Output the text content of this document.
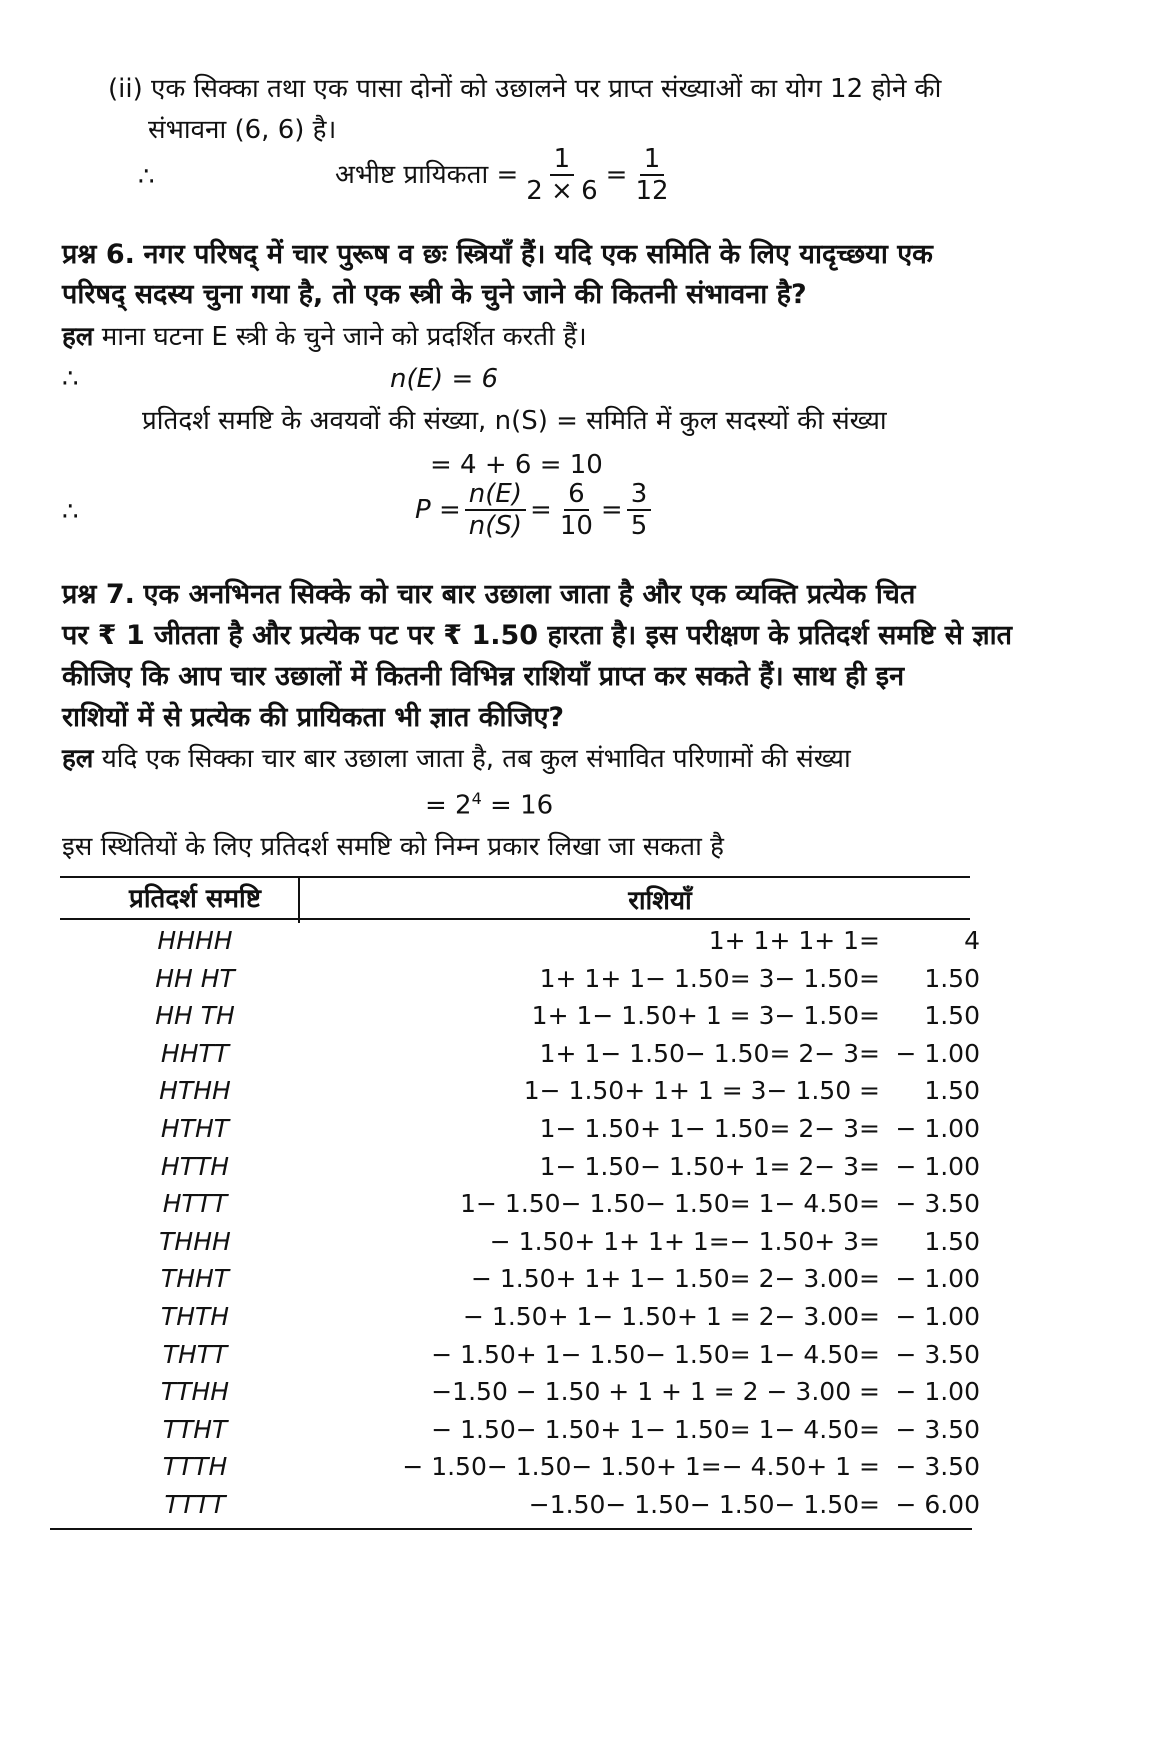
(ii) एक सिक्का तथा एक पासा दोनों को उछालने पर प्राप्त संख्याओं का योग 12 होने की
संभावना (6, 6) है।
∴	अभीष्ट प्रायिकता = $\frac{1}{2 \times 6} = \frac{1}{12}$
प्रश्न 6. नगर परिषद् में चार पुरूष व छः स्त्रियाँ हैं। यदि एक समिति के लिए यादृच्छया एक
परिषद् सदस्य चुना गया है, तो एक स्त्री के चुने जाने की कितनी संभावना है?
हल माना घटना E स्त्री के चुने जाने को प्रदर्शित करती हैं।
∴	n(E) = 6
प्रतिदर्श समष्टि के अवयवों की संख्या, n(S) = समिति में कुल सदस्यों की संख्या
= 4 + 6 = 10
∴	$P = \frac{n(E)}{n(S)} = \frac{6}{10} = \frac{3}{5}$
प्रश्न 7. एक अनभिनत सिक्के को चार बार उछाला जाता है और एक व्यक्ति प्रत्येक चित
पर ₹ 1 जीतता है और प्रत्येक पट पर ₹ 1.50 हारता है। इस परीक्षण के प्रतिदर्श समष्टि से ज्ञात
कीजिए कि आप चार उछालों में कितनी विभिन्न राशियाँ प्राप्त कर सकते हैं। साथ ही इन
राशियों में से प्रत्येक की प्रायिकता भी ज्ञात कीजिए?
हल यदि एक सिक्का चार बार उछाला जाता है, तब कुल संभावित परिणामों की संख्या
= $2^4 = 16$
इस स्थितियों के लिए प्रतिदर्श समष्टि को निम्न प्रकार लिखा जा सकता है
प्रतिदर्श समष्टि	राशियाँ
HHHH	1+ 1+ 1+ 1=	4
HH HT	1+ 1+ 1− 1.50= 3− 1.50= 1.50
HH TH	1+ 1− 1.50+ 1 = 3− 1.50= 1.50
HHTT	1+ 1− 1.50− 1.50= 2− 3= − 1.00
HTHH	1− 1.50+ 1+ 1 = 3− 1.50 = 1.50
HTHT	1− 1.50+ 1− 1.50= 2− 3= − 1.00
HTTH	1− 1.50− 1.50+ 1= 2− 3= − 1.00
HTTT	1− 1.50− 1.50− 1.50= 1− 4.50= − 3.50
THHH	− 1.50+ 1+ 1+ 1=− 1.50+ 3= 1.50
THHT	− 1.50+ 1+ 1− 1.50= 2− 3.00= − 1.00
THTH	− 1.50+ 1− 1.50+ 1 = 2− 3.00= − 1.00
THTT	− 1.50+ 1− 1.50− 1.50= 1− 4.50= − 3.50
TTHH	−1.50 − 1.50 + 1 + 1 = 2 − 3.00 = − 1.00
TTHT	− 1.50− 1.50+ 1− 1.50= 1− 4.50= − 3.50
TTTH	− 1.50− 1.50− 1.50+ 1=− 4.50+ 1 = − 3.50
TTTT	−1.50− 1.50− 1.50− 1.50= − 6.00
